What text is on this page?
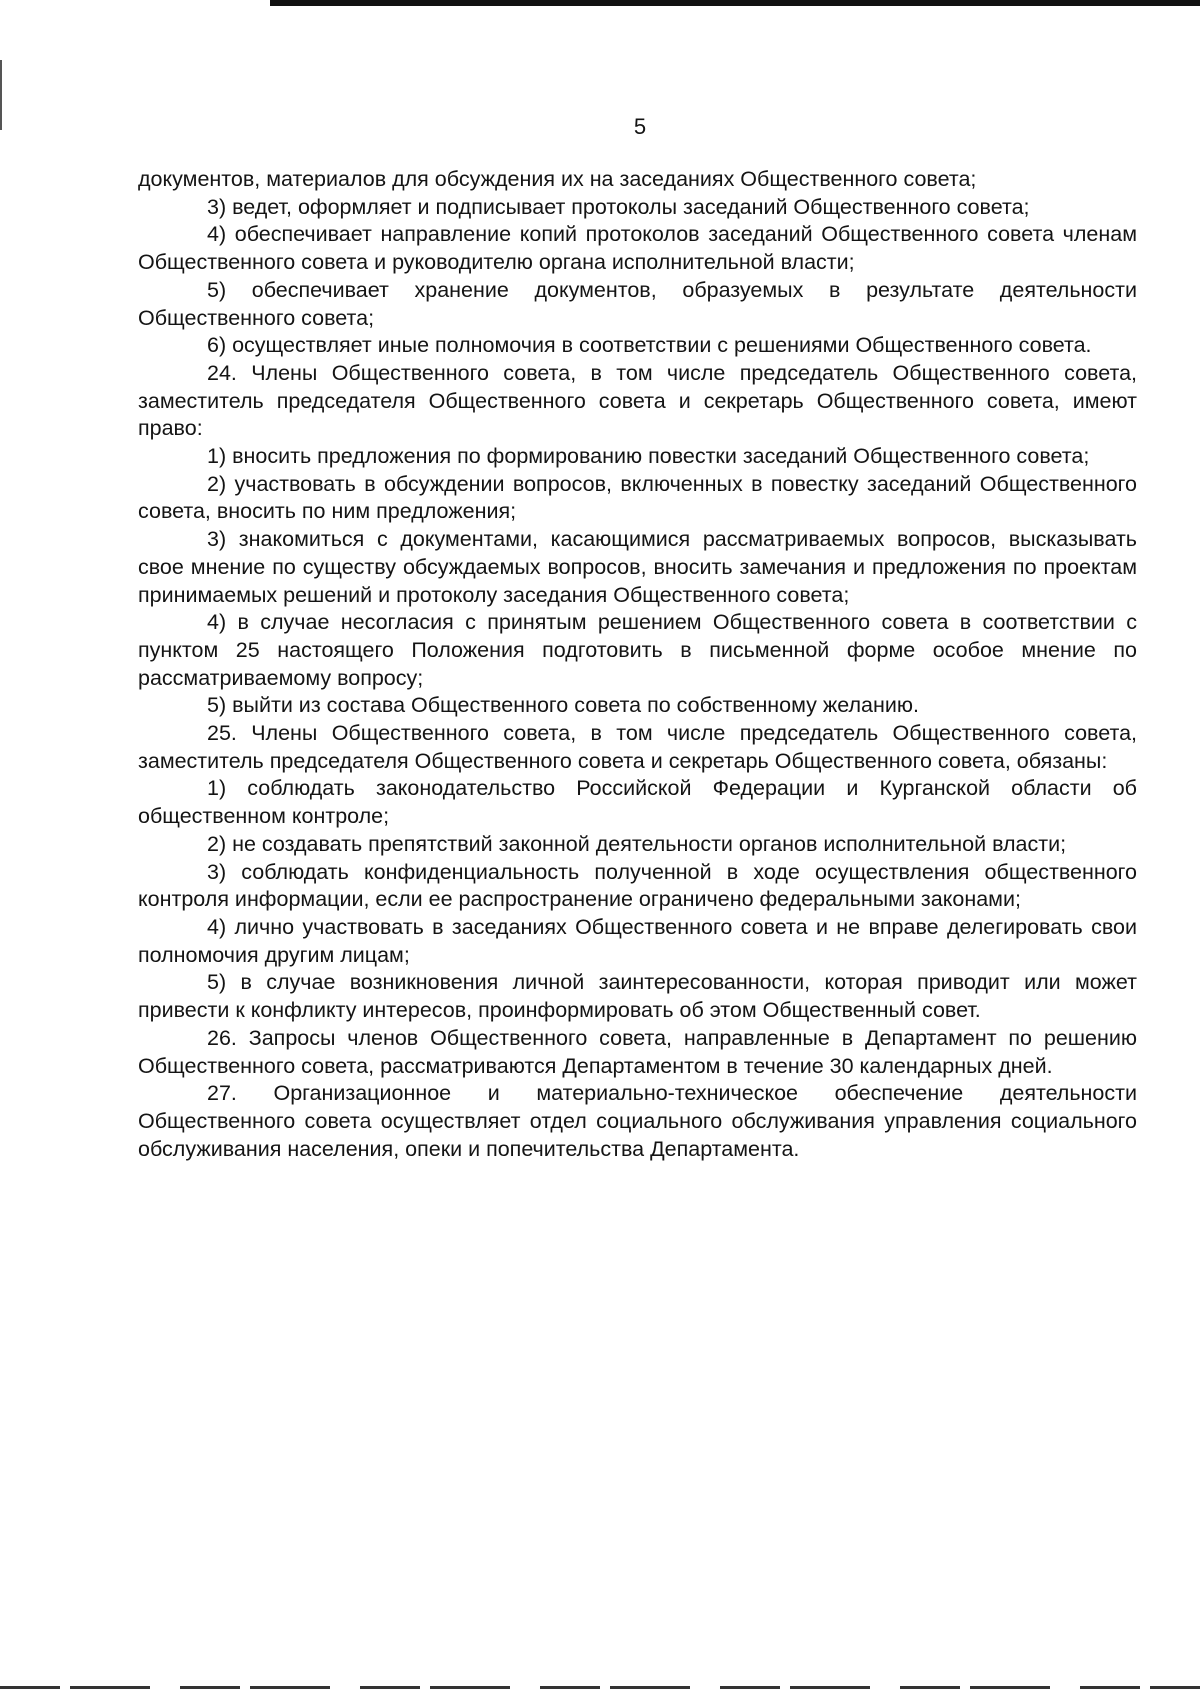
5

документов, материалов для обсуждения их на заседаниях Общественного совета;

3) ведет, оформляет и подписывает протоколы заседаний Общественного совета;

4) обеспечивает направление копий протоколов заседаний Общественного совета членам Общественного совета и руководителю органа исполнительной власти;

5) обеспечивает хранение документов, образуемых в результате деятельности Общественного совета;

6) осуществляет иные полномочия в соответствии с решениями Общественного совета.

24. Члены Общественного совета, в том числе председатель Общественного совета, заместитель председателя Общественного совета и секретарь Общественного совета, имеют право:

1) вносить предложения по формированию повестки заседаний Общественного совета;

2) участвовать в обсуждении вопросов, включенных в повестку заседаний Общественного совета, вносить по ним предложения;

3) знакомиться с документами, касающимися рассматриваемых вопросов, высказывать свое мнение по существу обсуждаемых вопросов, вносить замечания и предложения по проектам принимаемых решений и протоколу заседания Общественного совета;

4) в случае несогласия с принятым решением Общественного совета в соответствии с пунктом 25 настоящего Положения подготовить в письменной форме особое мнение по рассматриваемому вопросу;

5) выйти из состава Общественного совета по собственному желанию.

25. Члены Общественного совета, в том числе председатель Общественного совета, заместитель председателя Общественного совета и секретарь Общественного совета, обязаны:

1) соблюдать законодательство Российской Федерации и Курганской области об общественном контроле;

2) не создавать препятствий законной деятельности органов исполнительной власти;

3) соблюдать конфиденциальность полученной в ходе осуществления общественного контроля информации, если ее распространение ограничено федеральными законами;

4) лично участвовать в заседаниях Общественного совета и не вправе делегировать свои полномочия другим лицам;

5) в случае возникновения личной заинтересованности, которая приводит или может привести к конфликту интересов, проинформировать об этом Общественный совет.

26. Запросы членов Общественного совета, направленные в Департамент по решению Общественного совета, рассматриваются Департаментом в течение 30 календарных дней.

27. Организационное и материально-техническое обеспечение деятельности Общественного совета осуществляет отдел социального обслуживания управления социального обслуживания населения, опеки и попечительства Департамента.
